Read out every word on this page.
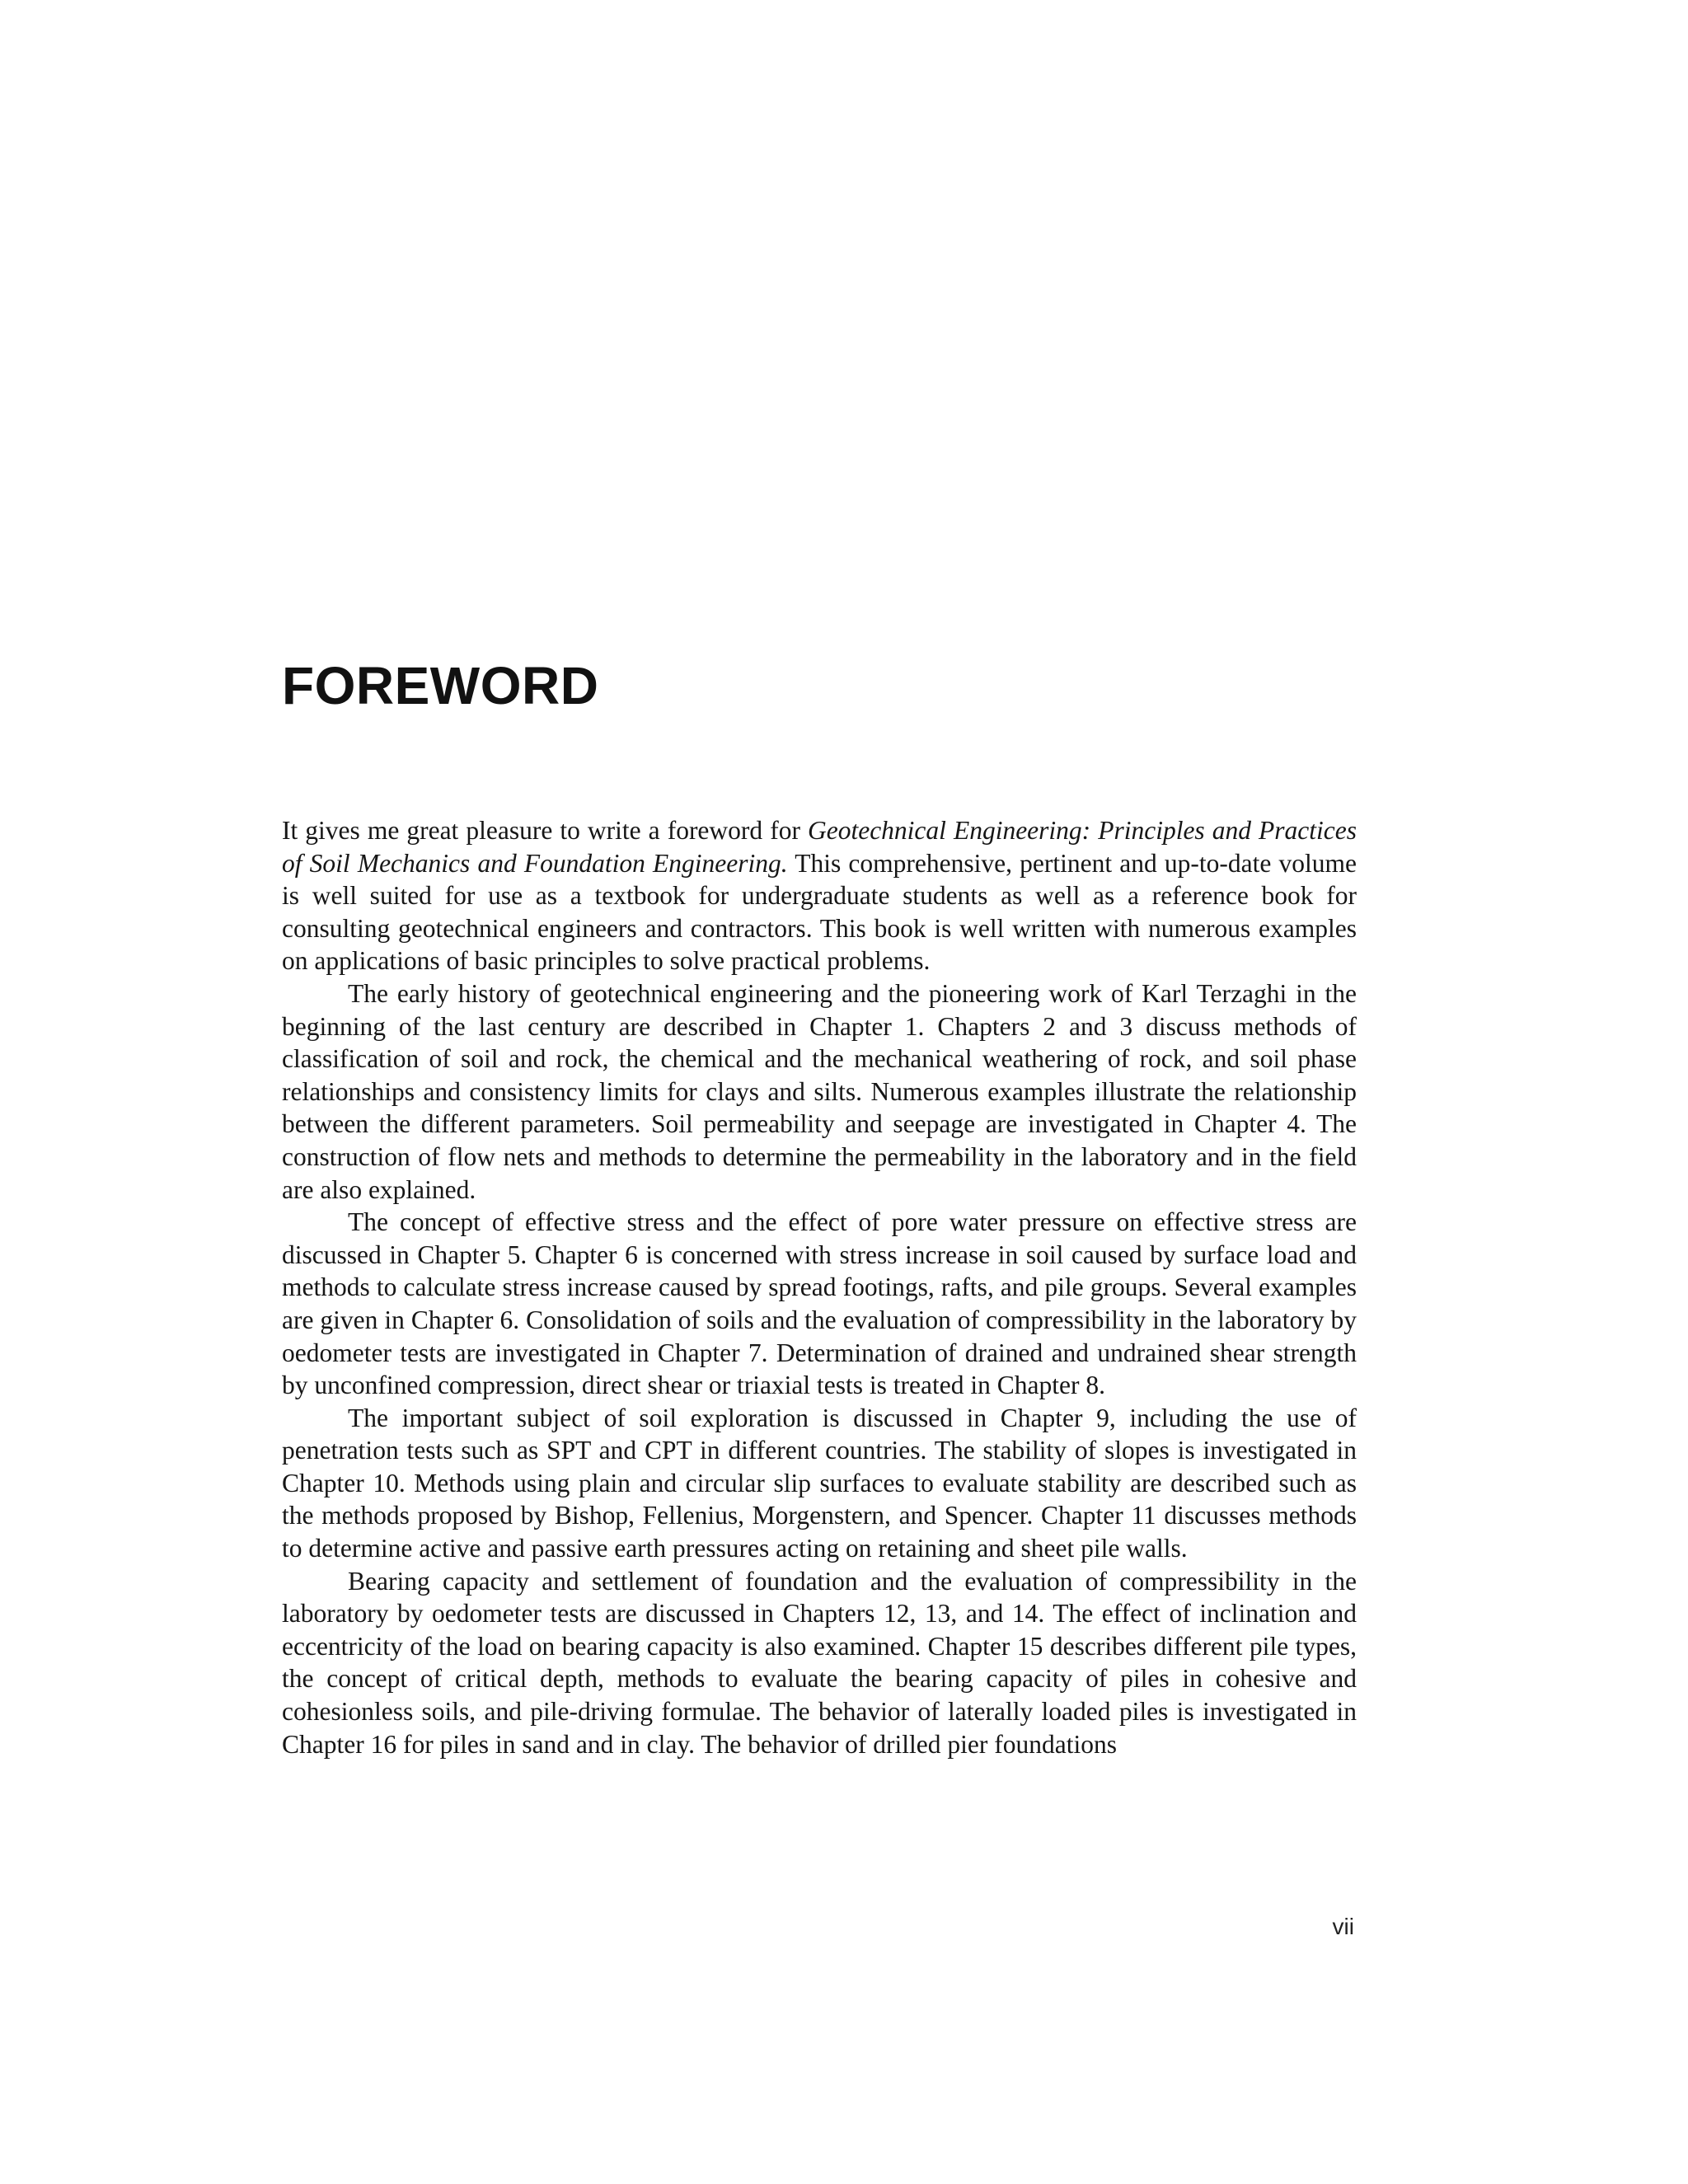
FOREWORD

It gives me great pleasure to write a foreword for Geotechnical Engineering: Principles and Practices of Soil Mechanics and Foundation Engineering. This comprehensive, pertinent and up-to-date volume is well suited for use as a textbook for undergraduate students as well as a reference book for consulting geotechnical engineers and contractors. This book is well written with numerous examples on applications of basic principles to solve practical problems.

The early history of geotechnical engineering and the pioneering work of Karl Terzaghi in the beginning of the last century are described in Chapter 1. Chapters 2 and 3 discuss methods of classification of soil and rock, the chemical and the mechanical weathering of rock, and soil phase relationships and consistency limits for clays and silts. Numerous examples illustrate the relationship between the different parameters. Soil permeability and seepage are investigated in Chapter 4. The construction of flow nets and methods to determine the permeability in the laboratory and in the field are also explained.

The concept of effective stress and the effect of pore water pressure on effective stress are discussed in Chapter 5. Chapter 6 is concerned with stress increase in soil caused by surface load and methods to calculate stress increase caused by spread footings, rafts, and pile groups. Several examples are given in Chapter 6. Consolidation of soils and the evaluation of compressibility in the laboratory by oedometer tests are investigated in Chapter 7. Determination of drained and undrained shear strength by unconfined compression, direct shear or triaxial tests is treated in Chapter 8.

The important subject of soil exploration is discussed in Chapter 9, including the use of penetration tests such as SPT and CPT in different countries. The stability of slopes is investigated in Chapter 10. Methods using plain and circular slip surfaces to evaluate stability are described such as the methods proposed by Bishop, Fellenius, Morgenstern, and Spencer. Chapter 11 discusses methods to determine active and passive earth pressures acting on retaining and sheet pile walls.

Bearing capacity and settlement of foundation and the evaluation of compressibility in the laboratory by oedometer tests are discussed in Chapters 12, 13, and 14. The effect of inclination and eccentricity of the load on bearing capacity is also examined. Chapter 15 describes different pile types, the concept of critical depth, methods to evaluate the bearing capacity of piles in cohesive and cohesionless soils, and pile-driving formulae. The behavior of laterally loaded piles is investigated in Chapter 16 for piles in sand and in clay. The behavior of drilled pier foundations

vii
